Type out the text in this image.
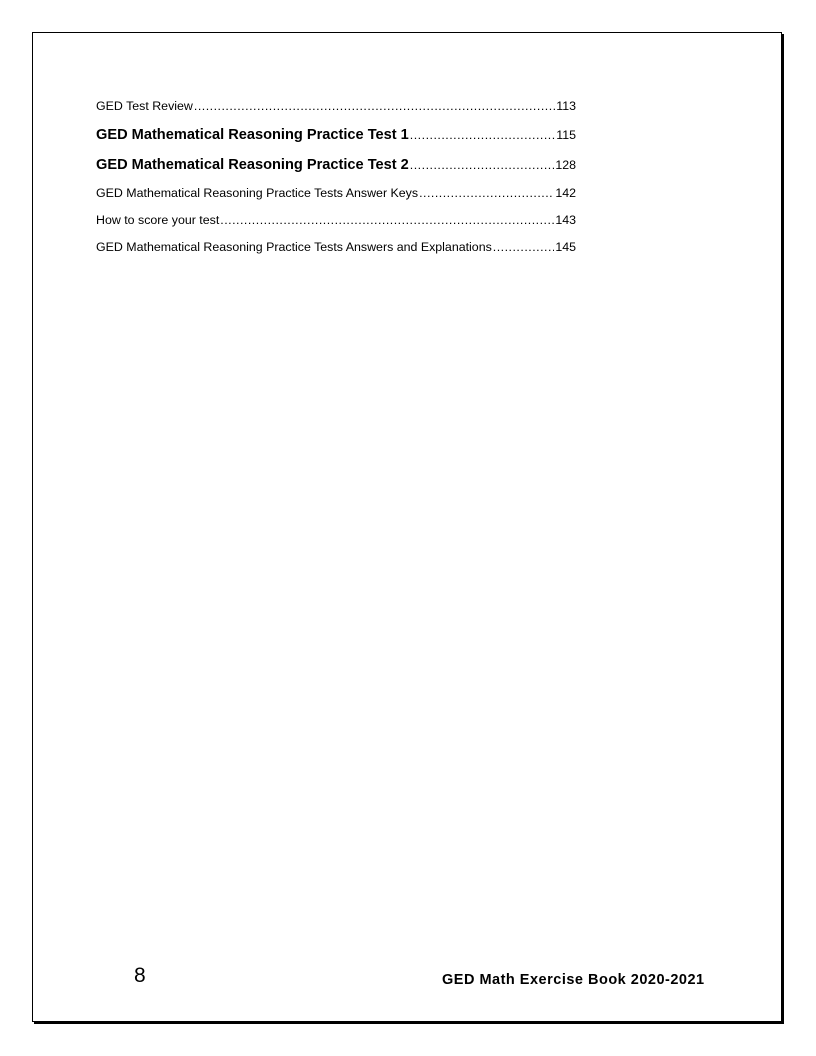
GED Test Review .....	113
GED Mathematical Reasoning Practice Test 1 .....	115
GED Mathematical Reasoning Practice Test 2 .....	128
GED Mathematical Reasoning Practice Tests Answer Keys .....	142
How to score your test .....	143
GED Mathematical Reasoning Practice Tests Answers and Explanations .....	145
8	GED Math Exercise Book 2020-2021
